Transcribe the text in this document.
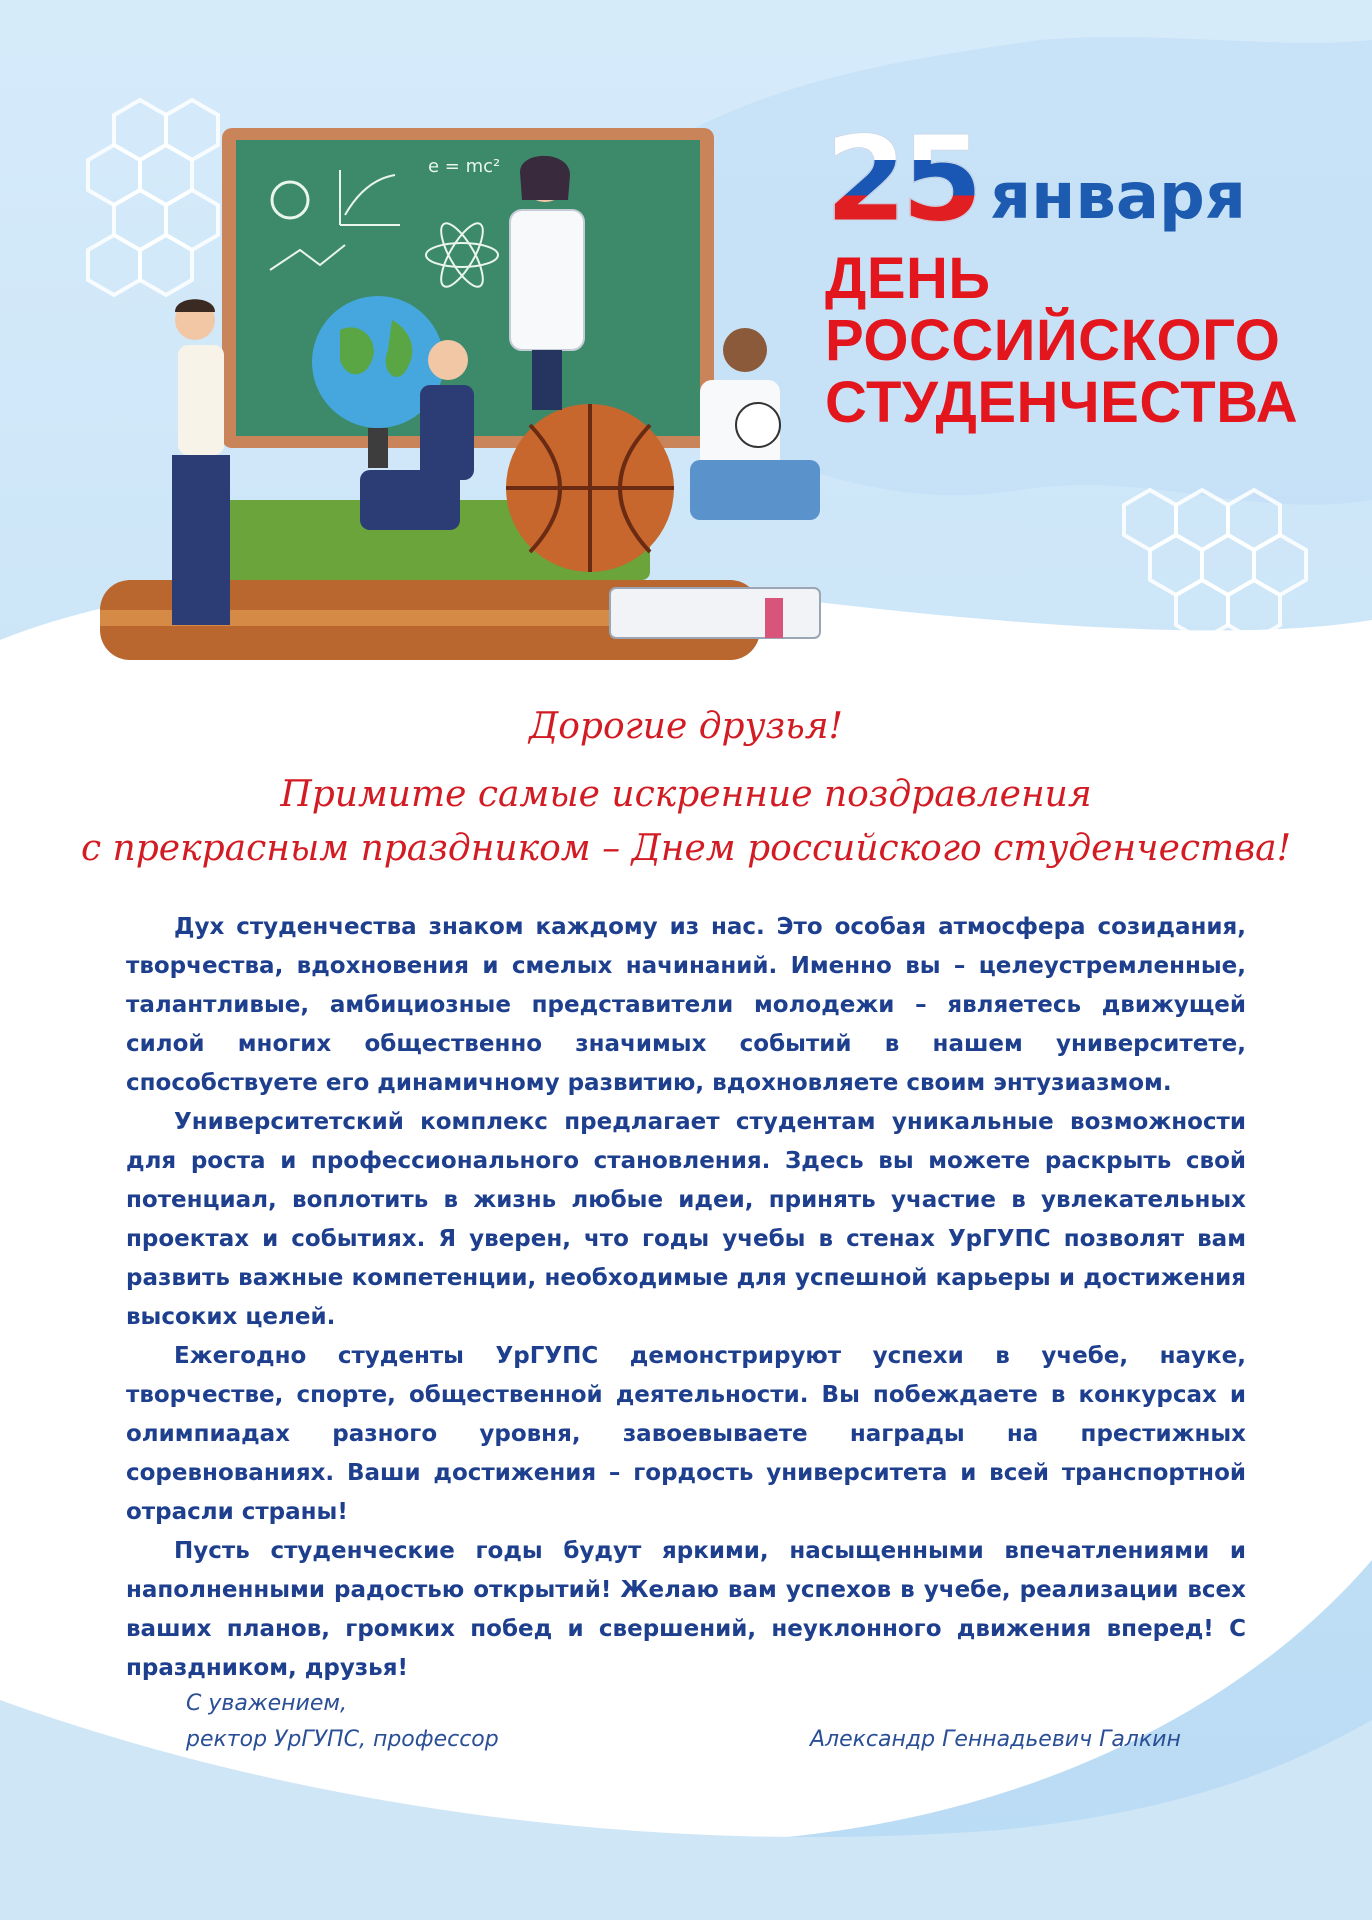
e = mc²	25 января
ДЕНЬ
РОССИЙСКОГО
СТУДЕНЧЕСТВА
Дорогие друзья!
Примите самые искренние поздравления
с прекрасным праздником – Днем российского студенчества!

Дух студенчества знаком каждому из нас. Это особая атмосфера созидания, творчества, вдохновения и смелых начинаний. Именно вы – целеустремленные, талантливые, амбициозные представители молодежи – являетесь движущей силой многих общественно значимых событий в нашем университете, способствуете его динамичному развитию, вдохновляете своим энтузиазмом.

Университетский комплекс предлагает студентам уникальные возможности для роста и профессионального становления. Здесь вы можете раскрыть свой потенциал, воплотить в жизнь любые идеи, принять участие в увлекательных проектах и событиях. Я уверен, что годы учебы в стенах УрГУПС позволят вам развить важные компетенции, необходимые для успешной карьеры и достижения высоких целей.

Ежегодно студенты УрГУПС демонстрируют успехи в учебе, науке, творчестве, спорте, общественной деятельности. Вы побеждаете в конкурсах и олимпиадах разного уровня, завоевываете награды на престижных соревнованиях. Ваши достижения – гордость университета и всей транспортной отрасли страны!

Пусть студенческие годы будут яркими, насыщенными впечатлениями и наполненными радостью открытий! Желаю вам успехов в учебе, реализации всех ваших планов, громких побед и свершений, неуклонного движения вперед! С праздником, друзья!

С уважением,
ректор УрГУПС, профессор	Александр Геннадьевич Галкин
